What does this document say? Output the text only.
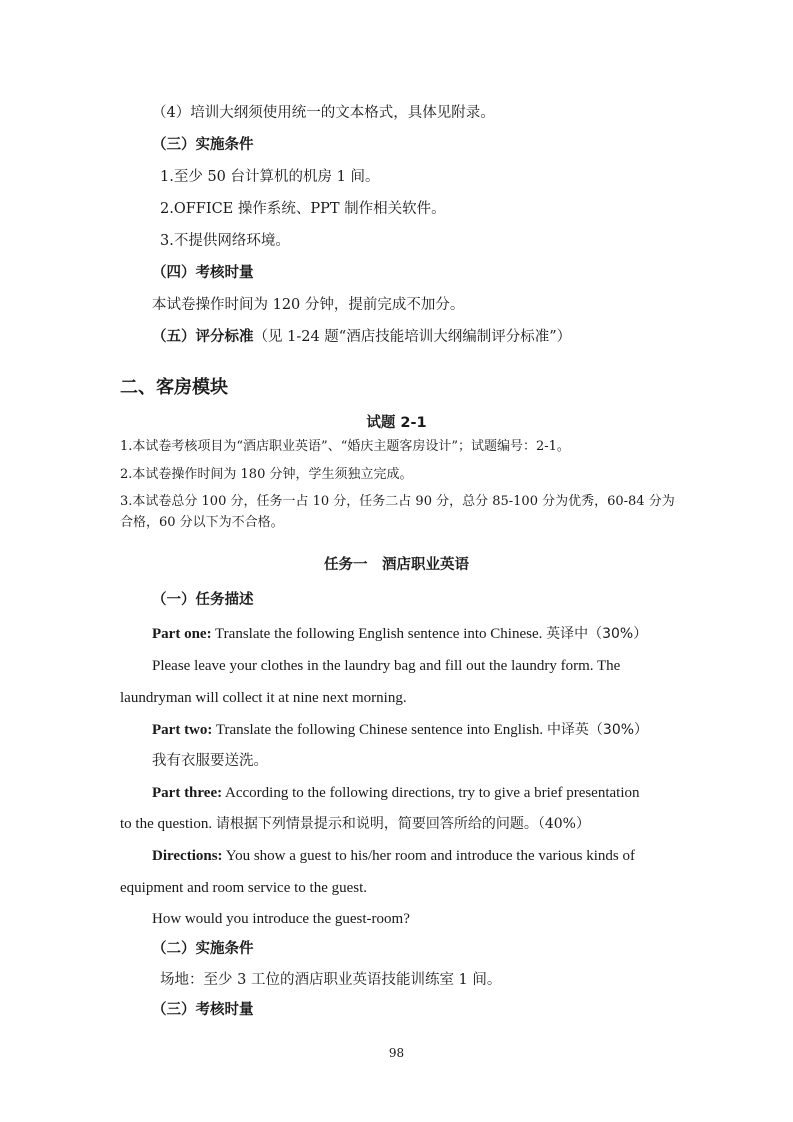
（4）培训大纲须使用统一的文本格式，具体见附录。
（三）实施条件
1.至少 50 台计算机的机房 1 间。
2.OFFICE 操作系统、PPT 制作相关软件。
3.不提供网络环境。
（四）考核时量
本试卷操作时间为 120 分钟，提前完成不加分。
（五）评分标准（见 1-24 题“酒店技能培训大纲编制评分标准”）
二、客房模块
试题 2-1
1.本试卷考核项目为“酒店职业英语”、“婚庆主题客房设计”；试题编号：2-1。
2.本试卷操作时间为 180 分钟，学生须独立完成。
3.本试卷总分 100 分，任务一占 10 分，任务二占 90 分，总分 85-100 分为优秀，60-84 分为
合格，60 分以下为不合格。
任务一　酒店职业英语
（一）任务描述
Part one: Translate the following English sentence into Chinese. 英译中（30%）
Please leave your clothes in the laundry bag and fill out the laundry form. The
laundryman will collect it at nine next morning.
Part two: Translate the following Chinese sentence into English. 中译英（30%）
我有衣服要送洗。
Part three: According to the following directions, try to give a brief presentation
to the question. 请根据下列情景提示和说明，简要回答所给的问题。（40%）
Directions: You show a guest to his/her room and introduce the various kinds of
equipment and room service to the guest.
How would you introduce the guest-room?
（二）实施条件
场地：至少 3 工位的酒店职业英语技能训练室 1 间。
（三）考核时量
98
